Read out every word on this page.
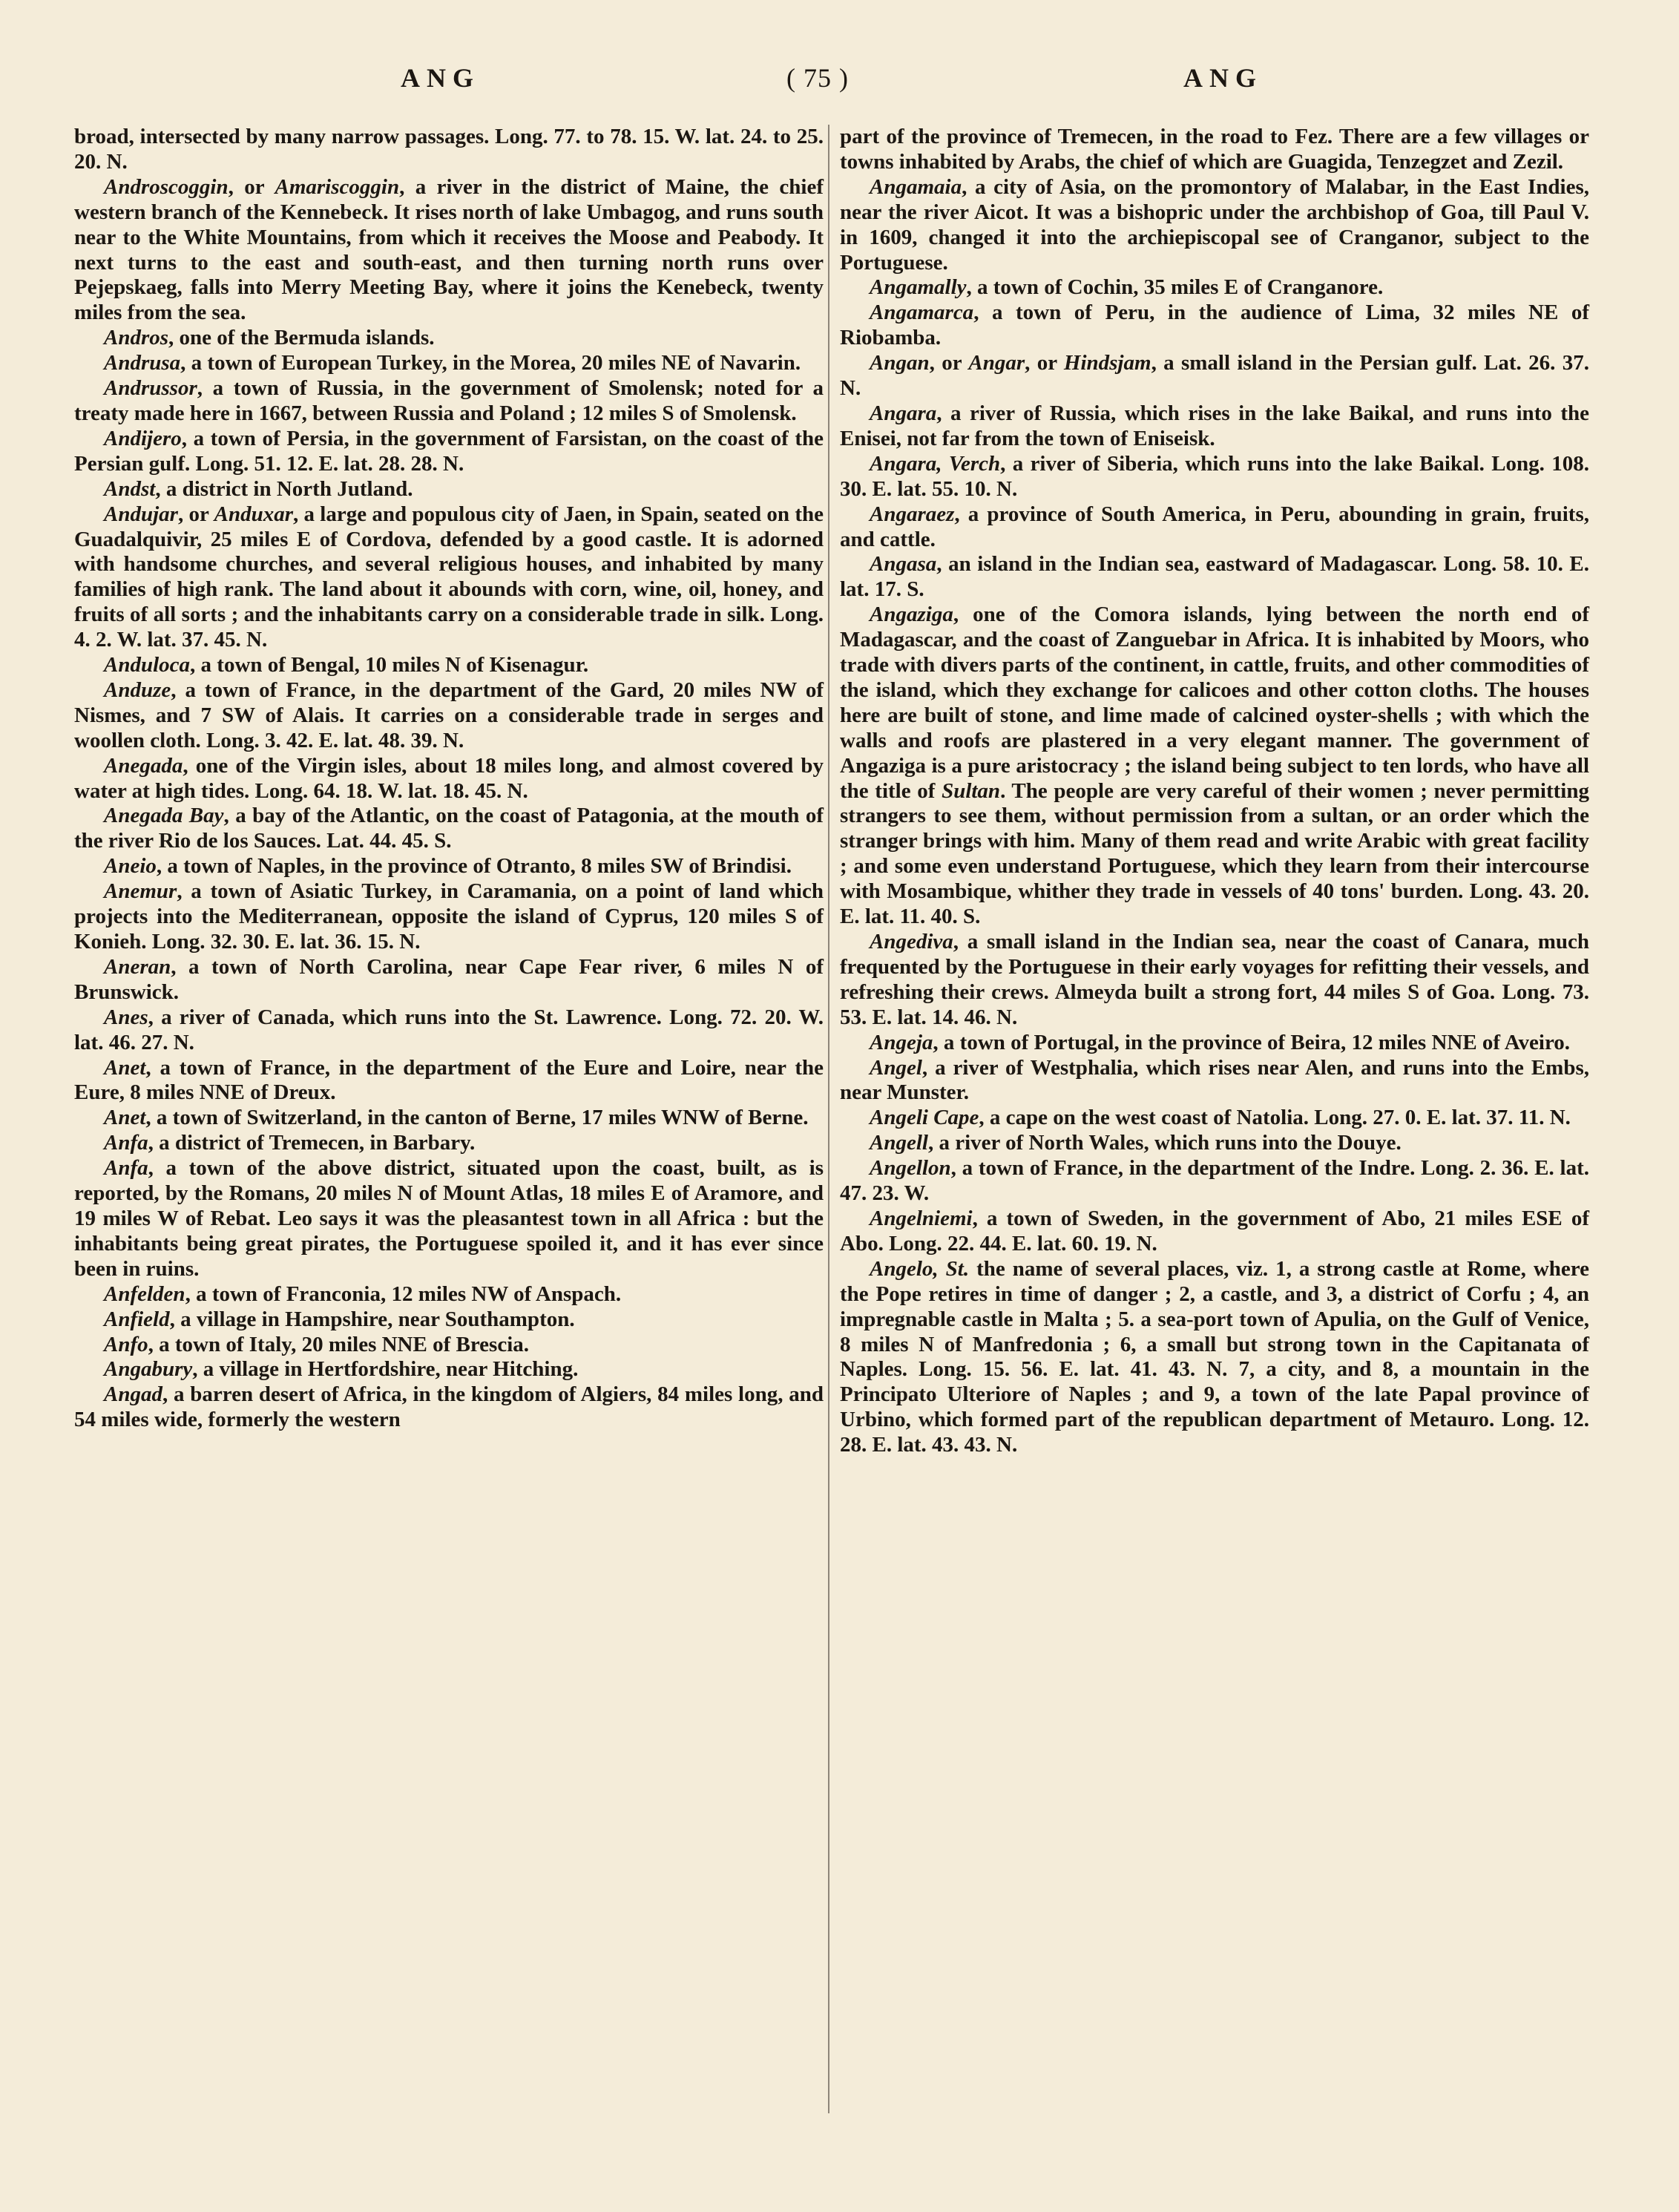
ANG	( 75 )	ANG

broad, intersected by many narrow passages. Long. 77. to 78. 15. W. lat. 24. to 25. 20. N.

Androscoggin, or Amariscoggin, a river in the district of Maine, the chief western branch of the Kennebeck. It rises north of lake Umbagog, and runs south near to the White Mountains, from which it receives the Moose and Peabody. It next turns to the east and south-east, and then turning north runs over Pejepskaeg, falls into Merry Meeting Bay, where it joins the Kenebeck, twenty miles from the sea.

Andros, one of the Bermuda islands.

Andrusa, a town of European Turkey, in the Morea, 20 miles NE of Navarin.

Andrussor, a town of Russia, in the government of Smolensk; noted for a treaty made here in 1667, between Russia and Poland ; 12 miles S of Smolensk.

Andijero, a town of Persia, in the government of Farsistan, on the coast of the Persian gulf. Long. 51. 12. E. lat. 28. 28. N.

Andst, a district in North Jutland.

Andujar, or Anduxar, a large and populous city of Jaen, in Spain, seated on the Guadalquivir, 25 miles E of Cordova, defended by a good castle. It is adorned with handsome churches, and several religious houses, and inhabited by many families of high rank. The land about it abounds with corn, wine, oil, honey, and fruits of all sorts ; and the inhabitants carry on a considerable trade in silk. Long. 4. 2. W. lat. 37. 45. N.

Anduloca, a town of Bengal, 10 miles N of Kisenagur.

Anduze, a town of France, in the department of the Gard, 20 miles NW of Nismes, and 7 SW of Alais. It carries on a considerable trade in serges and woollen cloth. Long. 3. 42. E. lat. 48. 39. N.

Anegada, one of the Virgin isles, about 18 miles long, and almost covered by water at high tides. Long. 64. 18. W. lat. 18. 45. N.

Anegada Bay, a bay of the Atlantic, on the coast of Patagonia, at the mouth of the river Rio de los Sauces. Lat. 44. 45. S.

Aneio, a town of Naples, in the province of Otranto, 8 miles SW of Brindisi.

Anemur, a town of Asiatic Turkey, in Caramania, on a point of land which projects into the Mediterranean, opposite the island of Cyprus, 120 miles S of Konieh. Long. 32. 30. E. lat. 36. 15. N.

Aneran, a town of North Carolina, near Cape Fear river, 6 miles N of Brunswick.

Anes, a river of Canada, which runs into the St. Lawrence. Long. 72. 20. W. lat. 46. 27. N.

Anet, a town of France, in the department of the Eure and Loire, near the Eure, 8 miles NNE of Dreux.

Anet, a town of Switzerland, in the canton of Berne, 17 miles WNW of Berne.

Anfa, a district of Tremecen, in Barbary.

Anfa, a town of the above district, situated upon the coast, built, as is reported, by the Romans, 20 miles N of Mount Atlas, 18 miles E of Aramore, and 19 miles W of Rebat. Leo says it was the pleasantest town in all Africa : but the inhabitants being great pirates, the Portuguese spoiled it, and it has ever since been in ruins.

Anfelden, a town of Franconia, 12 miles NW of Anspach.

Anfield, a village in Hampshire, near Southampton.

Anfo, a town of Italy, 20 miles NNE of Brescia.

Angabury, a village in Hertfordshire, near Hitching.

Angad, a barren desert of Africa, in the kingdom of Algiers, 84 miles long, and 54 miles wide, formerly the western

part of the province of Tremecen, in the road to Fez. There are a few villages or towns inhabited by Arabs, the chief of which are Guagida, Tenzegzet and Zezil.

Angamaia, a city of Asia, on the promontory of Malabar, in the East Indies, near the river Aicot. It was a bishopric under the archbishop of Goa, till Paul V. in 1609, changed it into the archiepiscopal see of Cranganor, subject to the Portuguese.

Angamally, a town of Cochin, 35 miles E of Cranganore.

Angamarca, a town of Peru, in the audience of Lima, 32 miles NE of Riobamba.

Angan, or Angar, or Hindsjam, a small island in the Persian gulf. Lat. 26. 37. N.

Angara, a river of Russia, which rises in the lake Baikal, and runs into the Enisei, not far from the town of Eniseisk.

Angara, Verch, a river of Siberia, which runs into the lake Baikal. Long. 108. 30. E. lat. 55. 10. N.

Angaraez, a province of South America, in Peru, abounding in grain, fruits, and cattle.

Angasa, an island in the Indian sea, eastward of Madagascar. Long. 58. 10. E. lat. 17. S.

Angaziga, one of the Comora islands, lying between the north end of Madagascar, and the coast of Zanguebar in Africa. It is inhabited by Moors, who trade with divers parts of the continent, in cattle, fruits, and other commodities of the island, which they exchange for calicoes and other cotton cloths. The houses here are built of stone, and lime made of calcined oyster-shells ; with which the walls and roofs are plastered in a very elegant manner. The government of Angaziga is a pure aristocracy ; the island being subject to ten lords, who have all the title of Sultan. The people are very careful of their women ; never permitting strangers to see them, without permission from a sultan, or an order which the stranger brings with him. Many of them read and write Arabic with great facility ; and some even understand Portuguese, which they learn from their intercourse with Mosambique, whither they trade in vessels of 40 tons' burden. Long. 43. 20. E. lat. 11. 40. S.

Angediva, a small island in the Indian sea, near the coast of Canara, much frequented by the Portuguese in their early voyages for refitting their vessels, and refreshing their crews. Almeyda built a strong fort, 44 miles S of Goa. Long. 73. 53. E. lat. 14. 46. N.

Angeja, a town of Portugal, in the province of Beira, 12 miles NNE of Aveiro.

Angel, a river of Westphalia, which rises near Alen, and runs into the Embs, near Munster.

Angeli Cape, a cape on the west coast of Natolia. Long. 27. 0. E. lat. 37. 11. N.

Angell, a river of North Wales, which runs into the Douye.

Angellon, a town of France, in the department of the Indre. Long. 2. 36. E. lat. 47. 23. W.

Angelniemi, a town of Sweden, in the government of Abo, 21 miles ESE of Abo. Long. 22. 44. E. lat. 60. 19. N.

Angelo, St. the name of several places, viz. 1, a strong castle at Rome, where the Pope retires in time of danger ; 2, a castle, and 3, a district of Corfu ; 4, an impregnable castle in Malta ; 5. a sea-port town of Apulia, on the Gulf of Venice, 8 miles N of Manfredonia ; 6, a small but strong town in the Capitanata of Naples. Long. 15. 56. E. lat. 41. 43. N. 7, a city, and 8, a mountain in the Principato Ulteriore of Naples ; and 9, a town of the late Papal province of Urbino, which formed part of the republican department of Metauro. Long. 12. 28. E. lat. 43. 43. N.
